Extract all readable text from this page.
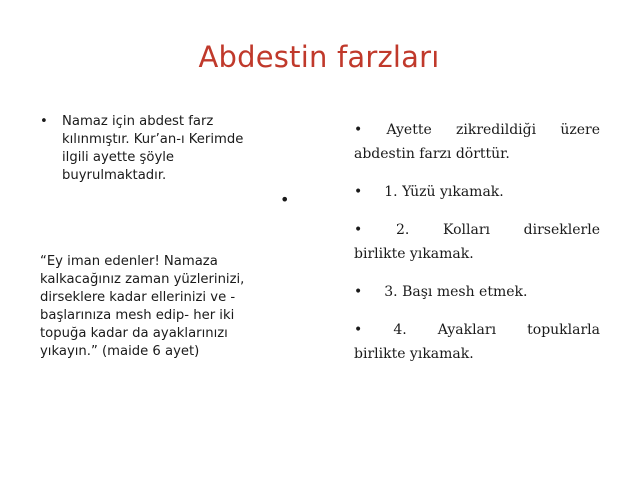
Abdestin farzları
•	Namaz için abdest farz
kılınmıştır. Kur’an-ı Kerimde
ilgili ayette şöyle
buyrulmaktadır.
“Ey iman edenler! Namaza
kalkacağınız zaman yüzlerinizi,
dirseklere kadar ellerinizi ve -
başlarınıza mesh edip- her iki
topuğa kadar da ayaklarınızı
yıkayın.” (maide 6 ayet)
•
• Ayette zikredildiği üzere
abdestin farzı dörttür.
• 1. Yüzü yıkamak.
• 2. Kolları dirseklerle
birlikte yıkamak.
• 3. Başı mesh etmek.
• 4. Ayakları topuklarla
birlikte yıkamak.
